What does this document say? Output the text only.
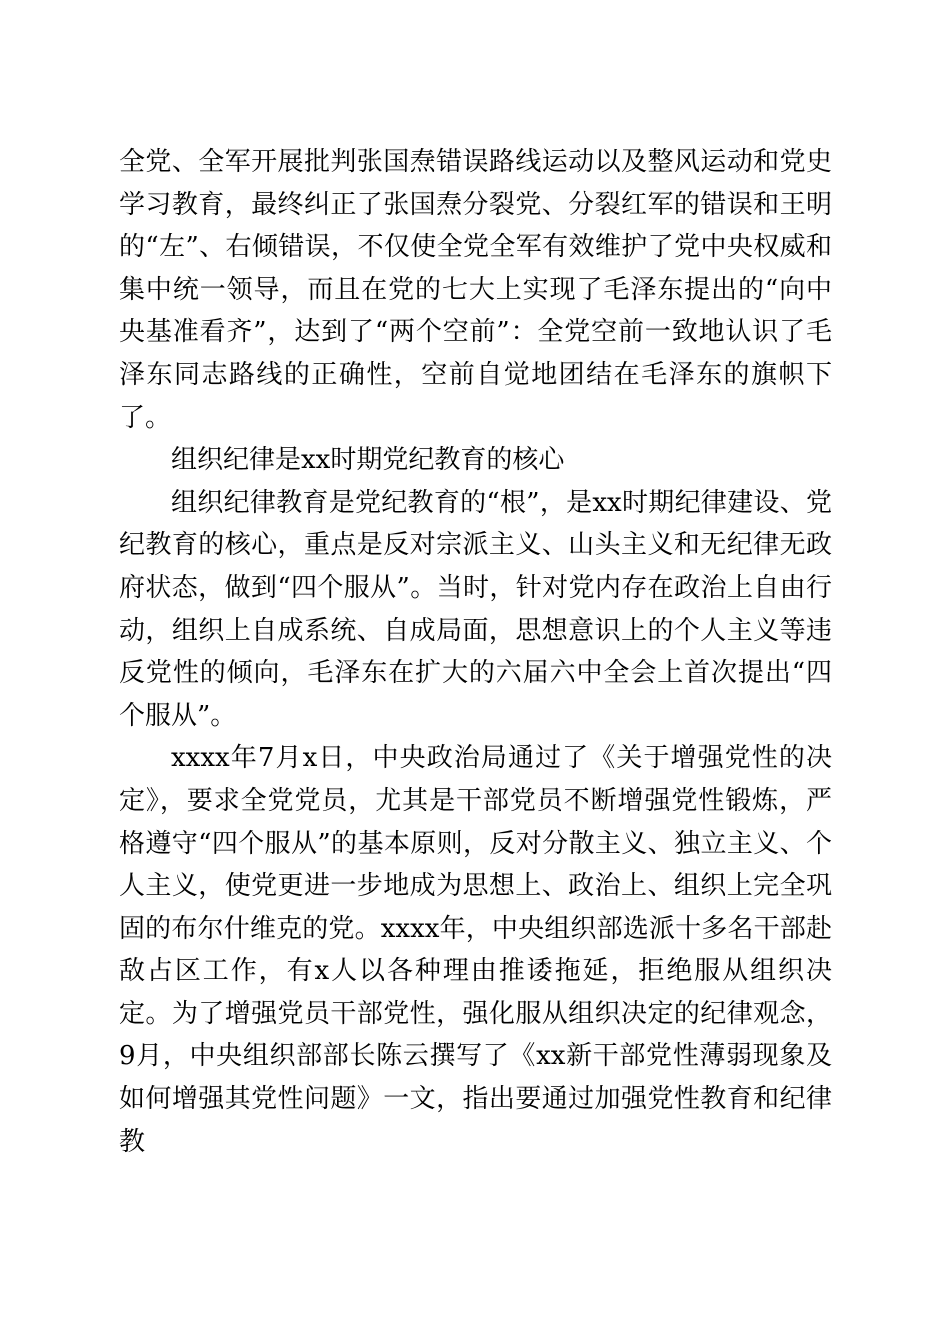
全党、全军开展批判张国焘错误路线运动以及整风运动和党史学习教育，最终纠正了张国焘分裂党、分裂红军的错误和王明的“左”、右倾错误，不仅使全党全军有效维护了党中央权威和集中统一领导，而且在党的七大上实现了毛泽东提出的“向中央基准看齐”，达到了“两个空前”：全党空前一致地认识了毛泽东同志路线的正确性，空前自觉地团结在毛泽东的旗帜下了。

组织纪律是xx时期党纪教育的核心

组织纪律教育是党纪教育的“根”，是xx时期纪律建设、党纪教育的核心，重点是反对宗派主义、山头主义和无纪律无政府状态，做到“四个服从”。当时，针对党内存在政治上自由行动，组织上自成系统、自成局面，思想意识上的个人主义等违反党性的倾向，毛泽东在扩大的六届六中全会上首次提出“四个服从”。

xxxx年7月x日，中央政治局通过了《关于增强党性的决定》，要求全党党员，尤其是干部党员不断增强党性锻炼，严格遵守“四个服从”的基本原则，反对分散主义、独立主义、个人主义，使党更进一步地成为思想上、政治上、组织上完全巩固的布尔什维克的党。xxxx年，中央组织部选派十多名干部赴敌占区工作，有x人以各种理由推诿拖延，拒绝服从组织决定。为了增强党员干部党性，强化服从组织决定的纪律观念，9月，中央组织部部长陈云撰写了《xx新干部党性薄弱现象及如何增强其党性问题》一文，指出要通过加强党性教育和纪律教
